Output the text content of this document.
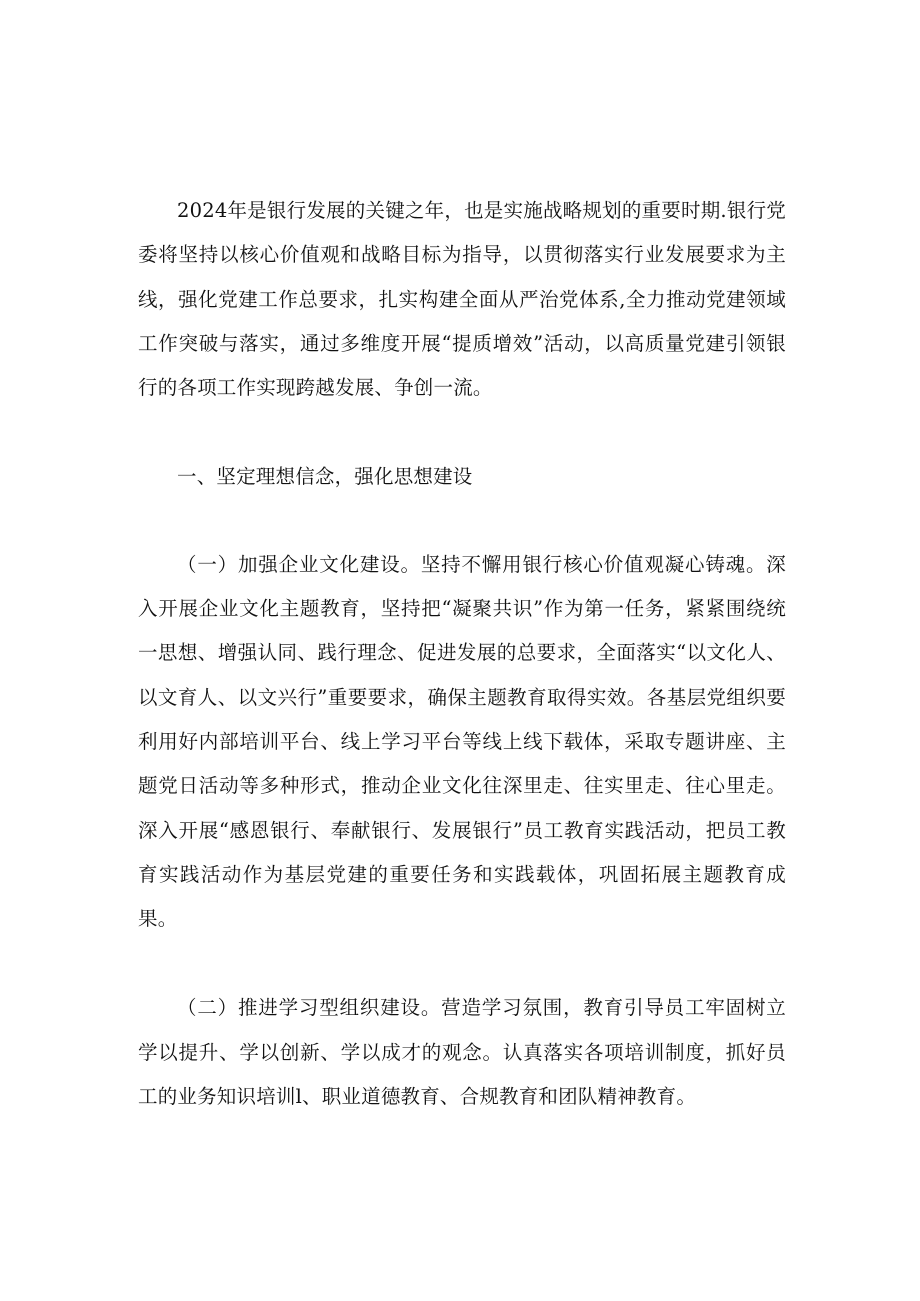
2024年是银行发展的关键之年，也是实施战略规划的重要时期.银行党委将坚持以核心价值观和战略目标为指导，以贯彻落实行业发展要求为主线，强化党建工作总要求，扎实构建全面从严治党体系,全力推动党建领域工作突破与落实，通过多维度开展“提质增效”活动，以高质量党建引领银行的各项工作实现跨越发展、争创一流。

一、坚定理想信念，强化思想建设

（一）加强企业文化建设。坚持不懈用银行核心价值观凝心铸魂。深入开展企业文化主题教育，坚持把“凝聚共识”作为第一任务，紧紧围绕统一思想、增强认同、践行理念、促进发展的总要求，全面落实“以文化人、以文育人、以文兴行”重要要求，确保主题教育取得实效。各基层党组织要利用好内部培训平台、线上学习平台等线上线下载体，采取专题讲座、主题党日活动等多种形式，推动企业文化往深里走、往实里走、往心里走。深入开展“感恩银行、奉献银行、发展银行”员工教育实践活动，把员工教育实践活动作为基层党建的重要任务和实践载体，巩固拓展主题教育成果。

（二）推进学习型组织建设。营造学习氛围，教育引导员工牢固树立学以提升、学以创新、学以成才的观念。认真落实各项培训制度，抓好员工的业务知识培训l、职业道德教育、合规教育和团队精神教育。
